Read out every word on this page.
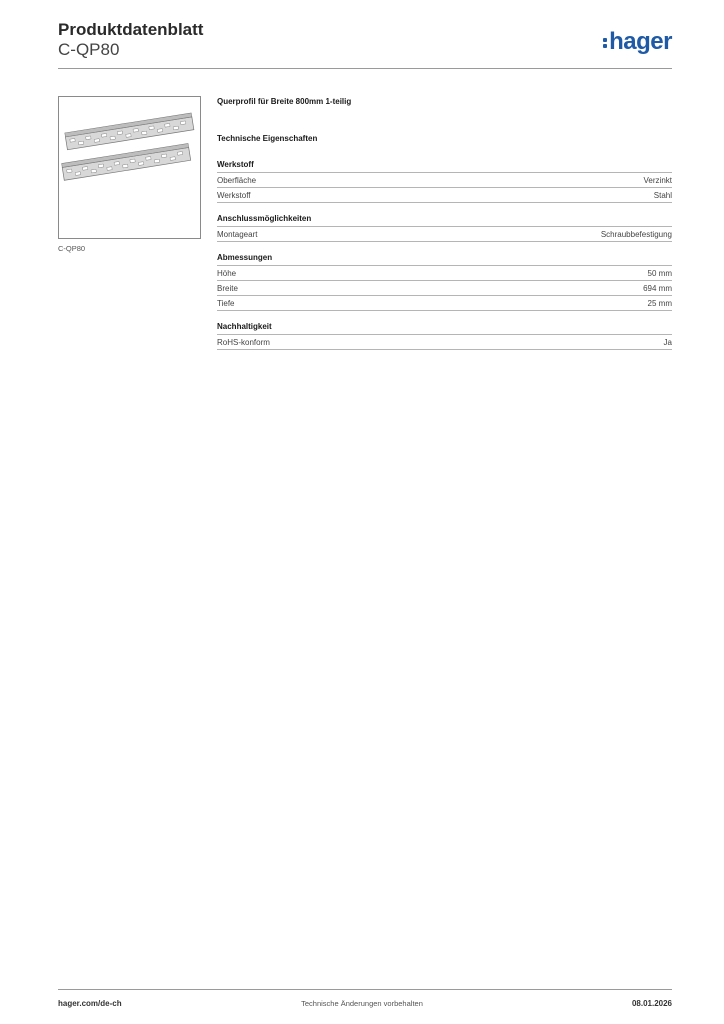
Produktdatenblatt
C-QP80	hager
C-QP80
Querprofil für Breite 800mm 1-teilig
Technische Eigenschaften
Werkstoff
Oberfläche	Verzinkt
Werkstoff	Stahl
Anschlussmöglichkeiten
Montageart	Schraubbefestigung
Abmessungen
Höhe	50 mm
Breite	694 mm
Tiefe	25 mm
Nachhaltigkeit
RoHS-konform	Ja
hager.com/de-ch	Technische Änderungen vorbehalten	08.01.2026
